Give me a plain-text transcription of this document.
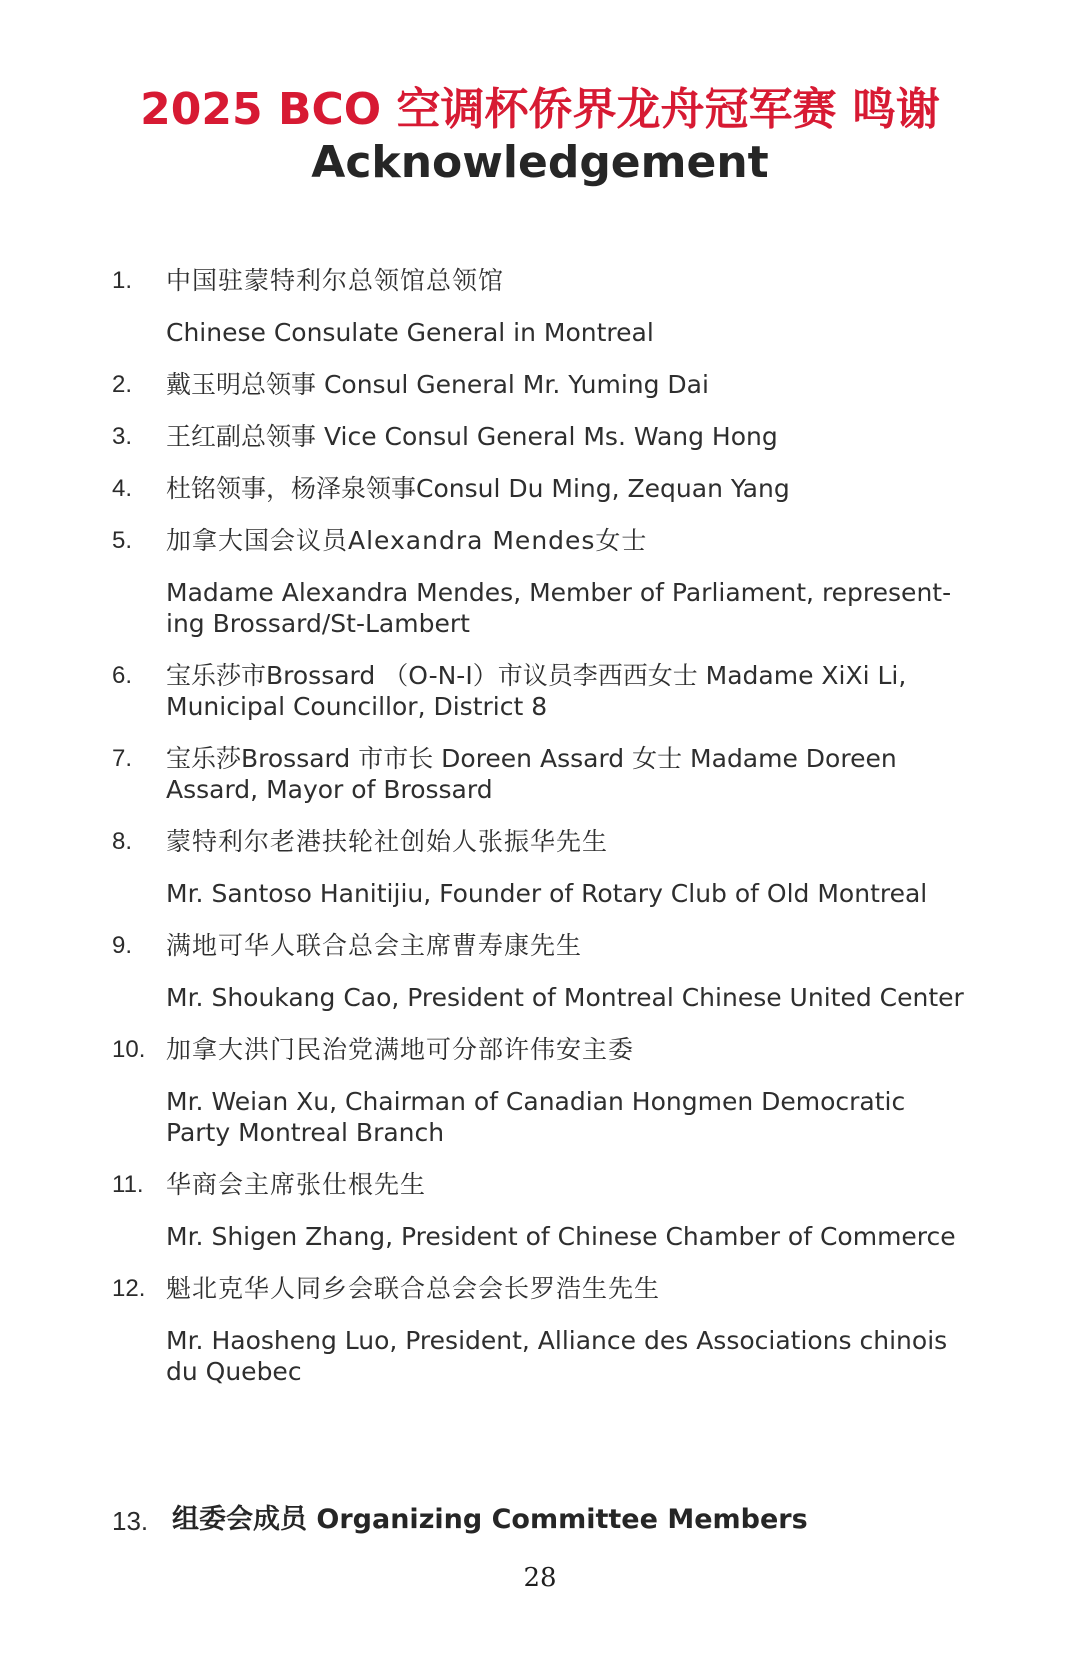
2025 BCO 空调杯侨界龙舟冠军赛 鸣谢
Acknowledgement
1.	中国驻蒙特利尔总领馆总领馆
Chinese Consulate General in Montreal
2.	戴玉明总领事 Consul General Mr. Yuming Dai
3.	王红副总领事 Vice Consul General Ms. Wang Hong
4.	杜铭领事，杨泽泉领事Consul Du Ming, Zequan Yang
5.	加拿大国会议员Alexandra Mendes女士
Madame Alexandra Mendes, Member of Parliament, represent-
ing Brossard/St-Lambert
6.	宝乐莎市Brossard （O-N-I）市议员李西西女士 Madame XiXi Li,
Municipal Councillor, District 8
7.	宝乐莎Brossard 市市长 Doreen Assard 女士 Madame Doreen
Assard, Mayor of Brossard
8.	蒙特利尔老港扶轮社创始人张振华先生
Mr. Santoso Hanitijiu, Founder of Rotary Club of Old Montreal
9.	满地可华人联合总会主席曹寿康先生
Mr. Shoukang Cao, President of Montreal Chinese United Center
10. 加拿大洪门民治党满地可分部许伟安主委
Mr. Weian Xu, Chairman of Canadian Hongmen Democratic
Party Montreal Branch
11. 华商会主席张仕根先生
Mr. Shigen Zhang, President of Chinese Chamber of Commerce
12. 魁北克华人同乡会联合总会会长罗浩生先生
Mr. Haosheng Luo, President, Alliance des Associations chinois
du Quebec
13. 组委会成员 Organizing Committee Members
28
